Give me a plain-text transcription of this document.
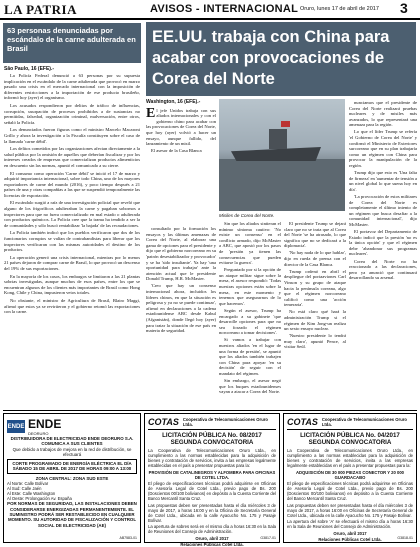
LA PATRIA	AVISOS - INTERNACIONAL Oruro, lunes 17 de abril de 2017 3
63 personas denunciadas por escándalo de la carne adulterada en Brasil
São Paulo, 16 (EFE).-

La Policía Federal denunció a 63 personas por su supuesta implicación en el escándalo de la carne adulterada que provocó en marzo pasado una crisis en el mercado internacional con la imposición de diferentes restricciones a la importación de ese producto brasileño, informó hoy (ayer) el organismo.

Los acusados respondieron por delitos de tráfico de influencias, corrupción, usurpación de procesos prohibidos a de sustancias no permitidas, falsedad, organización criminal, malversación, entre otros, señaló la Policía.

Los denunciados fueron figuras como el ministro Marcelo Macaroni Grillo y ahora la investigación a la Fiscalía constituyen sobre el caso de la llamada 'carne débil'.

Los delitos cometidos por las organizaciones afectan directamente a la salud pública por la omisión de aquellos que deberían fiscalizar y por los intereses creados de empresas que comercializan productos alimenticios en descuento sin las normas, apuntó el comunicado a su cierre.

El consumo como operación 'Carne débil' se inició el 17 de marzo y adquirió importancia internacional, sobre todo China, uno de los mayores exportadores de carne del mundo (2016), y poco tiempo después a 21 países de una y otras compañías a las que se suspendió temporalmente las licencias de exportación.

El escándalo surgió a raíz de una investigación policial que reveló que alguno de los frigoríficos adulteraban la carne y pagaban sobornos a inspectores para que no fuera comercializado en mal estado o adulterada con productos químicos. La Policía cree que la trama ha tendido a ser la de comunidades y sólo buscó rentabilizar 'la bajada' de las recaudaciones.

La Policía también indicó que los pueblos verificaron que dos de los funcionarios corruptos se valían de contrabandistas para liberar que los inspectores verificaran con las mismas autoridades el destino de los productos.

La operación generó una crisis internacional, mientras por lo menos 21 países dejaron de comprar carne de Brasil, lo que provocó un descenso del 19% de sus exportaciones.

En la mayoría de los casos, los embargos se limitaron a las 21 plantas sobrias investigadas, aunque muchos de esos países, entre los que se encuentran algunos de los clientes más importantes de Brasil como Hong Kong, Chile y China, impusieron vetos totales.

No obstante, el ministro de Agricultura de Brasil, Blairo Maggi, afirmó que estos ya se revirtieron y el gobierno retomó las exportaciones con la carne.

EE.UU. trabaja con China para acabar con provocaciones de Corea del Norte
Washington, 16 (EFE).-
E l jefe Unidos trabaja con sus aliados internacionales y con el gobierno chino para acabar con las provocaciones de Corea del Norte, que hoy (ayer) volvió a hacer un ensayo, aunque fallido, del lanzamiento de un misil.

El asesor de la Casa Blanca

consultado por la formación los ensayos y las últimas amenazas de Corea del Norte, al elaborar una gama de opciones para el presidente y dijo que el gobierno norcoreano en su 'patrón desestabilizador y provocador' y se ha 'sido insultante'. Ya hay 'una oportunidad para trabajar' ante la atención actual que le presidente Donald Trump, H.R. McMaster.

'Creo que hay un consenso internacional ahora, incluidos los líderes chinos, en que la situación es peligrosa y ya no se puede continuar', afirmó en declaraciones a la cadena estadounidense ABC desde Kabul (Afganistán), donde llegó hoy (ayer) para tratar la situación de ese país en materia de seguridad.

Misiles de Corea del Norte.

Sin que los aliados sintieran el mínimo síntoma cautivo: 'No existe un consenso' en el conflicto armado, dijo McMaster a ABC, que apostó por los pasos de 'presión ya tienen las consecuencias que pueden evitarse la guerra'.

Preguntado por si la opción de un ataque militar sigue sobre la mesa, el asesor respondió: 'Todas nuestras opciones están sobre la mesa, en este momento y tenemos que asegurarnos de lo que hacemos'.

Según el asesor, Trump ha encargado a su gabinete 'que desarrolle opciones para que no sea forzado el régimen norcoreano a tomar decisiones'.

Si vamos a trabajar con nuestros aliados 'en el lugar de una forma de presión', se apuntó que los aliados también trabajen con China para apoyar 'en su decisión' de seguir con el mandato del régimen.

Sin embargo, el asesor negó que los buques estadounidenses vayan a atacar a Corea del Norte.

El presidente Trump se dejará claro que no se trata que al Corea del Norte 'se ha atrasado, lo que significa que no se dedicará a la diplomacia'.

'No hay nada de lo que hablar', dijo en rueda de prensa con el director de la Casa Blanca.

Trump ordenó en abril el despliegue del portaaviones Carl Vinson y su grupo de ataque hacia la península coreana, algo que el régimen norcoreano calificó como una 'acción temeraria'.

No está claro qué hará la administración Trump si el régimen de Kim Jong-un realiza un sexto ensayo nuclear.

'Nuestro presidente lo tendrá muy claro', apuntó Pence, al visitar Seúl.

nunciamos que el presidente de Corea del Norte realizará pruebas nucleares y de misiles más avanzados, lo que representará una amenaza para la región.

Lo que el líder Trump se refería 'el Gobierno de Corea del Norte' y confirmó el Ministerio de Exteriores surcoreano que en su plan trabajaría como un régimen con China para provocar la manipulación de la región.

Trump dijo que esto es 'Una falta de firmeza' en 'aumentar de tensión a un nivel global lo que suena hoy en día'.

'La provocación de estos militares de Corea del Norte es completamente el último intento de un régimen que busca desafiar a la comunidad internacional', dijo McMaster.

El portavoz del Departamento de Estado indicó que la presión 'no es la única opción' y que el régimen debe 'abandonar sus programas nucleares'.

Corea del Norte no ha reaccionado a las declaraciones, pero ya anunció que continuará desarrollando su arsenal.

ENDE ENDE
DEORURO
DISTRIBUIDORA DE ELECTRICIDAD ENDE DEORURO S.A.
COMUNICA A SUS CLIENTES
Que debido a trabajos de mejora en la red de distribución, se efectuará
CORTE PROGRAMADO DE ENERGÍA ELÉCTRICA EL DÍA SÁBADO 15 DE ABRIL DE 2017 DE HORAS 09:00 A 13:00
ZONA CENTRAL: ZONA SUD ESTE
Al Norte: Calle Bolívar
Al Sud: Calle Jaén
Al Este: Calle Washington
Al Oeste: Prolongación Av. España
POR NORMAS DE SEGURIDAD, LAS INSTALACIONES DEBEN CONSIDERARSE ENERGIZADAS PERMANENTEMENTE. EL SUMINISTRO PODRÁ SER RESTABLECIDO EN CUALQUIER MOMENTO. SU AUTORIDAD DE FISCALIZACIÓN Y CONTROL SOCIAL DE ELECTRICIDAD (AE)
AB7583-01
COTAS Cooperativa de Telecomunicaciones Oruro Ltda.
LICITACIÓN PÚBLICA No. 08/2017 SEGUNDA CONVOCATORIA

La Cooperativa de Telecomunicaciones Oruro Ltda., en cumplimiento a las normas establecidas para la adquisición de bienes y contratación de servicios, invita a las empresas legalmente establecidas en el país a presentar propuestas para la:

PROVISIÓN DE CATALINEGROS Y ALFOMBRA PARA OFICINAS DE COTEL LTDA.

El pliego de especificaciones técnicas podrá adquirirse en Oficinas de Asesoría Legal de Cotel Ltda., previo pago de Bs. 200 (Doscientos 00/100 bolivianos) en depósito a la Cuenta Corriente del Banco Mercantil Santa Cruz.

Las propuestas deben ser presentadas hasta el día miércoles 3 de mayo de 2017, a horas 16:00 y en la Oficina de Secretaría General de Cotel Ltda., ubicada en la calle Ayacucho No. 175 y Pasaje Bolívar.

La apertura de sobres será en el mismo día a horas 16:30 en la Sala de Reuniones del Consejo de Administración.

Oruro, abril 2017

Relaciones Públicas Cotel Ltda.

G3817-01
COTAS Cooperativa de Telecomunicaciones Oruro Ltda.
LICITACIÓN PÚBLICA No. 04/2017 SEGUNDA CONVOCATORIA

La Cooperativa de Telecomunicaciones Oruro Ltda., en cumplimiento a las normas establecidas para la adquisición de bienes y contratación de servicios, invita a las empresas legalmente establecidas en el país a presentar propuestas para la:

ADQUISICIÓN DE 30 000 PIEZAS CONECTOR Y 20 000 GUARDACABO

El pliego de especificaciones técnicas podrá adquirirse en Oficinas de Asesoría Legal de Cotel Ltda., previo pago de Bs. 200 (Doscientos 00/100 bolivianos) en depósito a la Cuenta Corriente del Banco Mercantil Santa Cruz.

Las propuestas deben ser presentadas hasta el día miércoles 3 de mayo de 2017, a horas 16:00 en Oficinas de Secretaría General de Cotel Ltda., ubicada en la calle Ayacucho No. 175 y Pasaje Bolívar.

La apertura del sobre 'A' se efectuará el mismo día a horas 16:30 en la Sala de Reuniones del Consejo de Administración.

Oruro, abril 2017

Relaciones Públicas Cotel Ltda.	G3818-01
